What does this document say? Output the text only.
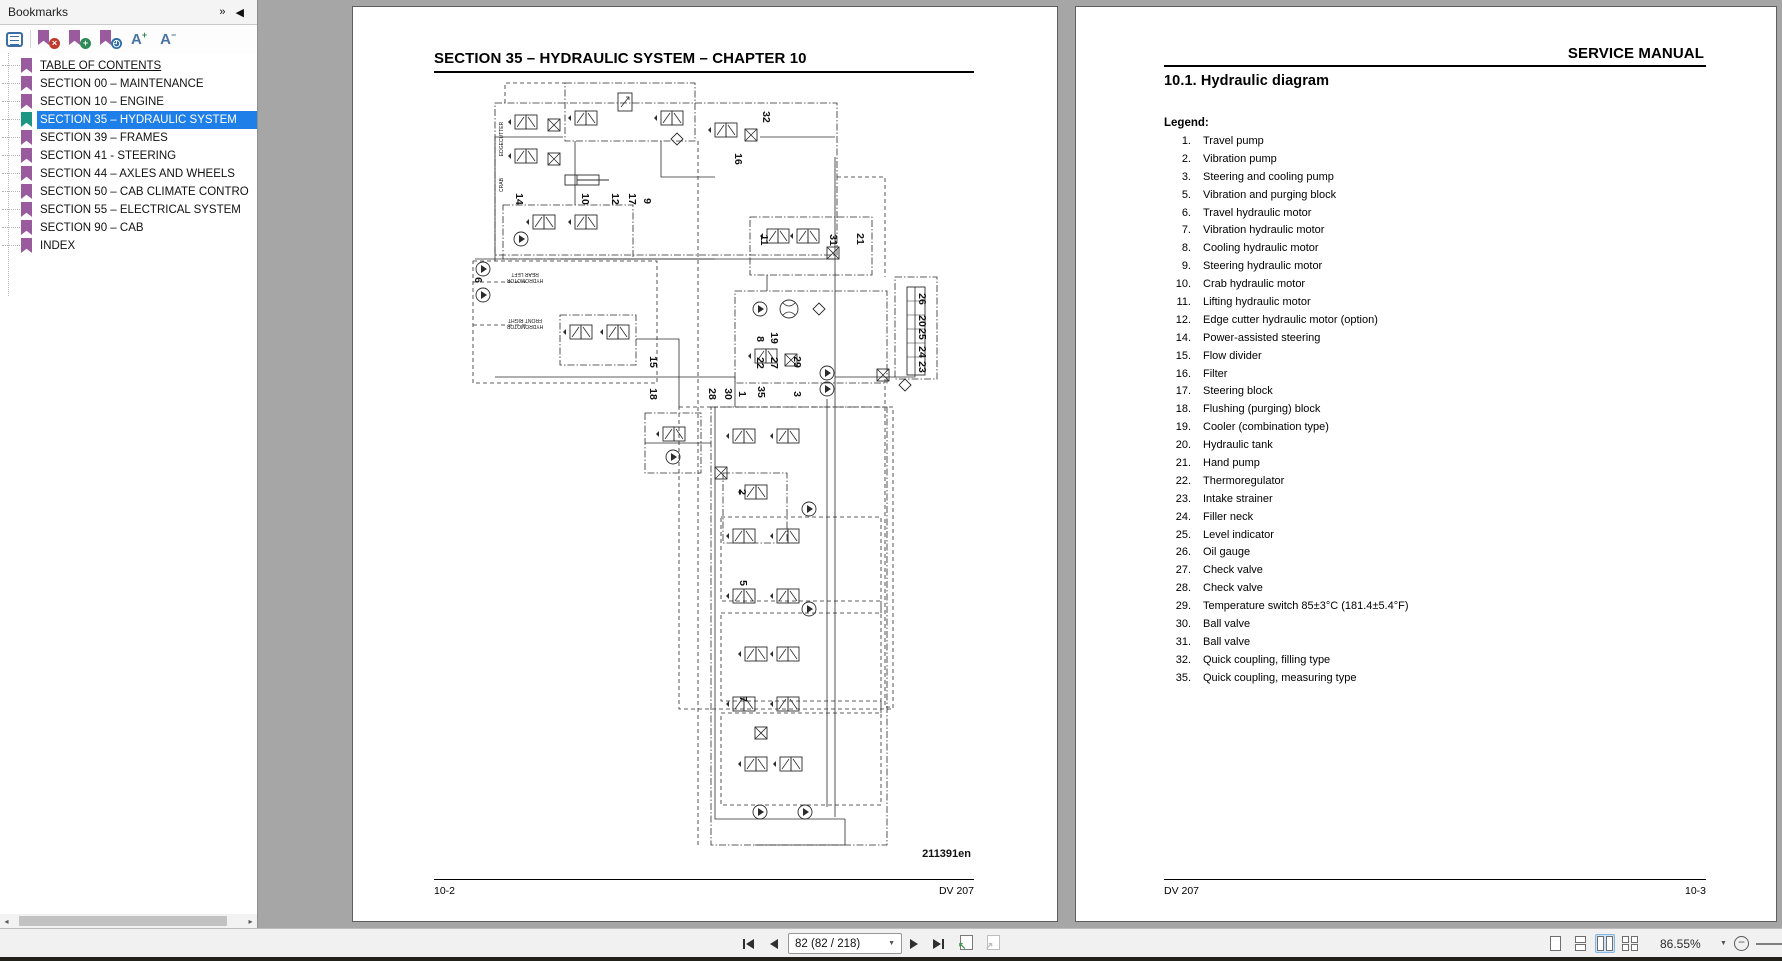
Bookmarks	» ◀
×	+	◴ A+ A−
TABLE OF CONTENTS
SECTION 00 – MAINTENANCE
SECTION 10 – ENGINE
SECTION 35 – HYDRAULIC SYSTEM
SECTION 39 – FRAMES
SECTION 41 - STEERING
SECTION 44 – AXLES AND WHEELS
SECTION 50 – CAB CLIMATE CONTRO
SECTION 55 – ELECTRICAL SYSTEM
SECTION 90 – CAB
INDEX
◂	▸
SECTION 35 – HYDRAULIC SYSTEM – CHAPTER 10
32
16
14	10 12 17 9
6
11	31 21
26
20
25
24
23
8 19
22 27 29
15
18	28 30 1 35 3
2
5
7
EDGECUTTER
CRAB
REAR LEFT
HYDROMOTOR
FRONT RIGHT
HYDROMOTOR
211391en
10-2	DV 207
SERVICE MANUAL
10.1. Hydraulic diagram
Legend:
1. Travel pump
2. Vibration pump
3. Steering and cooling pump
5. Vibration and purging block
6. Travel hydraulic motor
7. Vibration hydraulic motor
8. Cooling hydraulic motor
9. Steering hydraulic motor
10. Crab hydraulic motor
11. Lifting hydraulic motor
12. Edge cutter hydraulic motor (option)
14. Power-assisted steering
15. Flow divider
16. Filter
17. Steering block
18. Flushing (purging) block
19. Cooler (combination type)
20. Hydraulic tank
21. Hand pump
22. Thermoregulator
23. Intake strainer
24. Filler neck
25. Level indicator
26. Oil gauge
27. Check valve
28. Check valve
29. Temperature switch 85±3°C (181.4±5.4°F)
30. Ball valve
31. Ball valve
32. Quick coupling, filling type
35. Quick coupling, measuring type
DV 207	10-3
82 (82 / 218)	▼	↖ ↗	86.55%	▼ −
